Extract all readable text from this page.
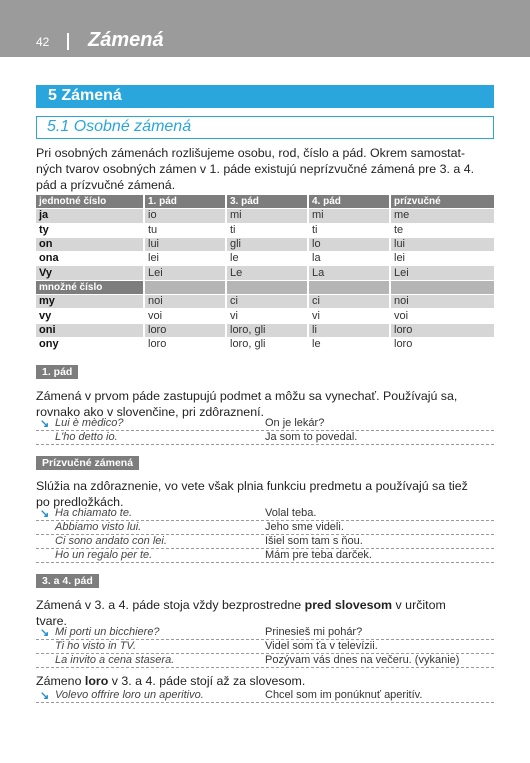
42 Zámená
5 Zámená
5.1 Osobné zámená
Pri osobných zámenách rozlišujeme osobu, rod, číslo a pád. Okrem samostat-
ných tvarov osobných zámen v 1. páde existujú neprízvučné zámená pre 3. a 4.
pád a prízvučné zámená.
jednotné číslo	1. pád	3. pád	4. pád	prízvučné
ja	io	mi	mi	me
ty	tu	ti	ti	te
on	lui	gli	lo	lui
ona	lei	le	la	lei
Vy	Lei	Le	La	Lei
množné číslo				
my	noi	ci	ci	noi
vy	voi	vi	vi	voi
oni	loro	loro, gli	li	loro
ony	loro	loro, gli	le	loro
1. pád
Zámená v prvom páde zastupujú podmet a môžu sa vynechať. Používajú sa,
rovnako ako v slovenčine, pri zdôraznení.
↘ Lui è mèdico?	On je lekár?
L'ho detto io.	Ja som to povedal.
Prízvučné zámená
Slúžia na zdôraznenie, vo vete však plnia funkciu predmetu a používajú sa tiež
po predložkách.
↘ Ha chiamato te.	Volal teba.
Abbiamo visto lui.	Jeho sme videli.
Ci sono andato con lei.	Išiel som tam s ňou.
Ho un regalo per te.	Mám pre teba darček.
3. a 4. pád
Zámená v 3. a 4. páde stoja vždy bezprostredne pred slovesom v určitom
tvare.
↘ Mi porti un bicchiere?	Prinesieš mi pohár?
Ti ho visto in TV.	Videl som ťa v televízii.
La invito a cena stasera.	Pozývam vás dnes na večeru. (vykanie)
Zámeno loro v 3. a 4. páde stojí až za slovesom.
↘ Volevo offrire loro un aperitivo.	Chcel som im ponúknuť aperitív.
